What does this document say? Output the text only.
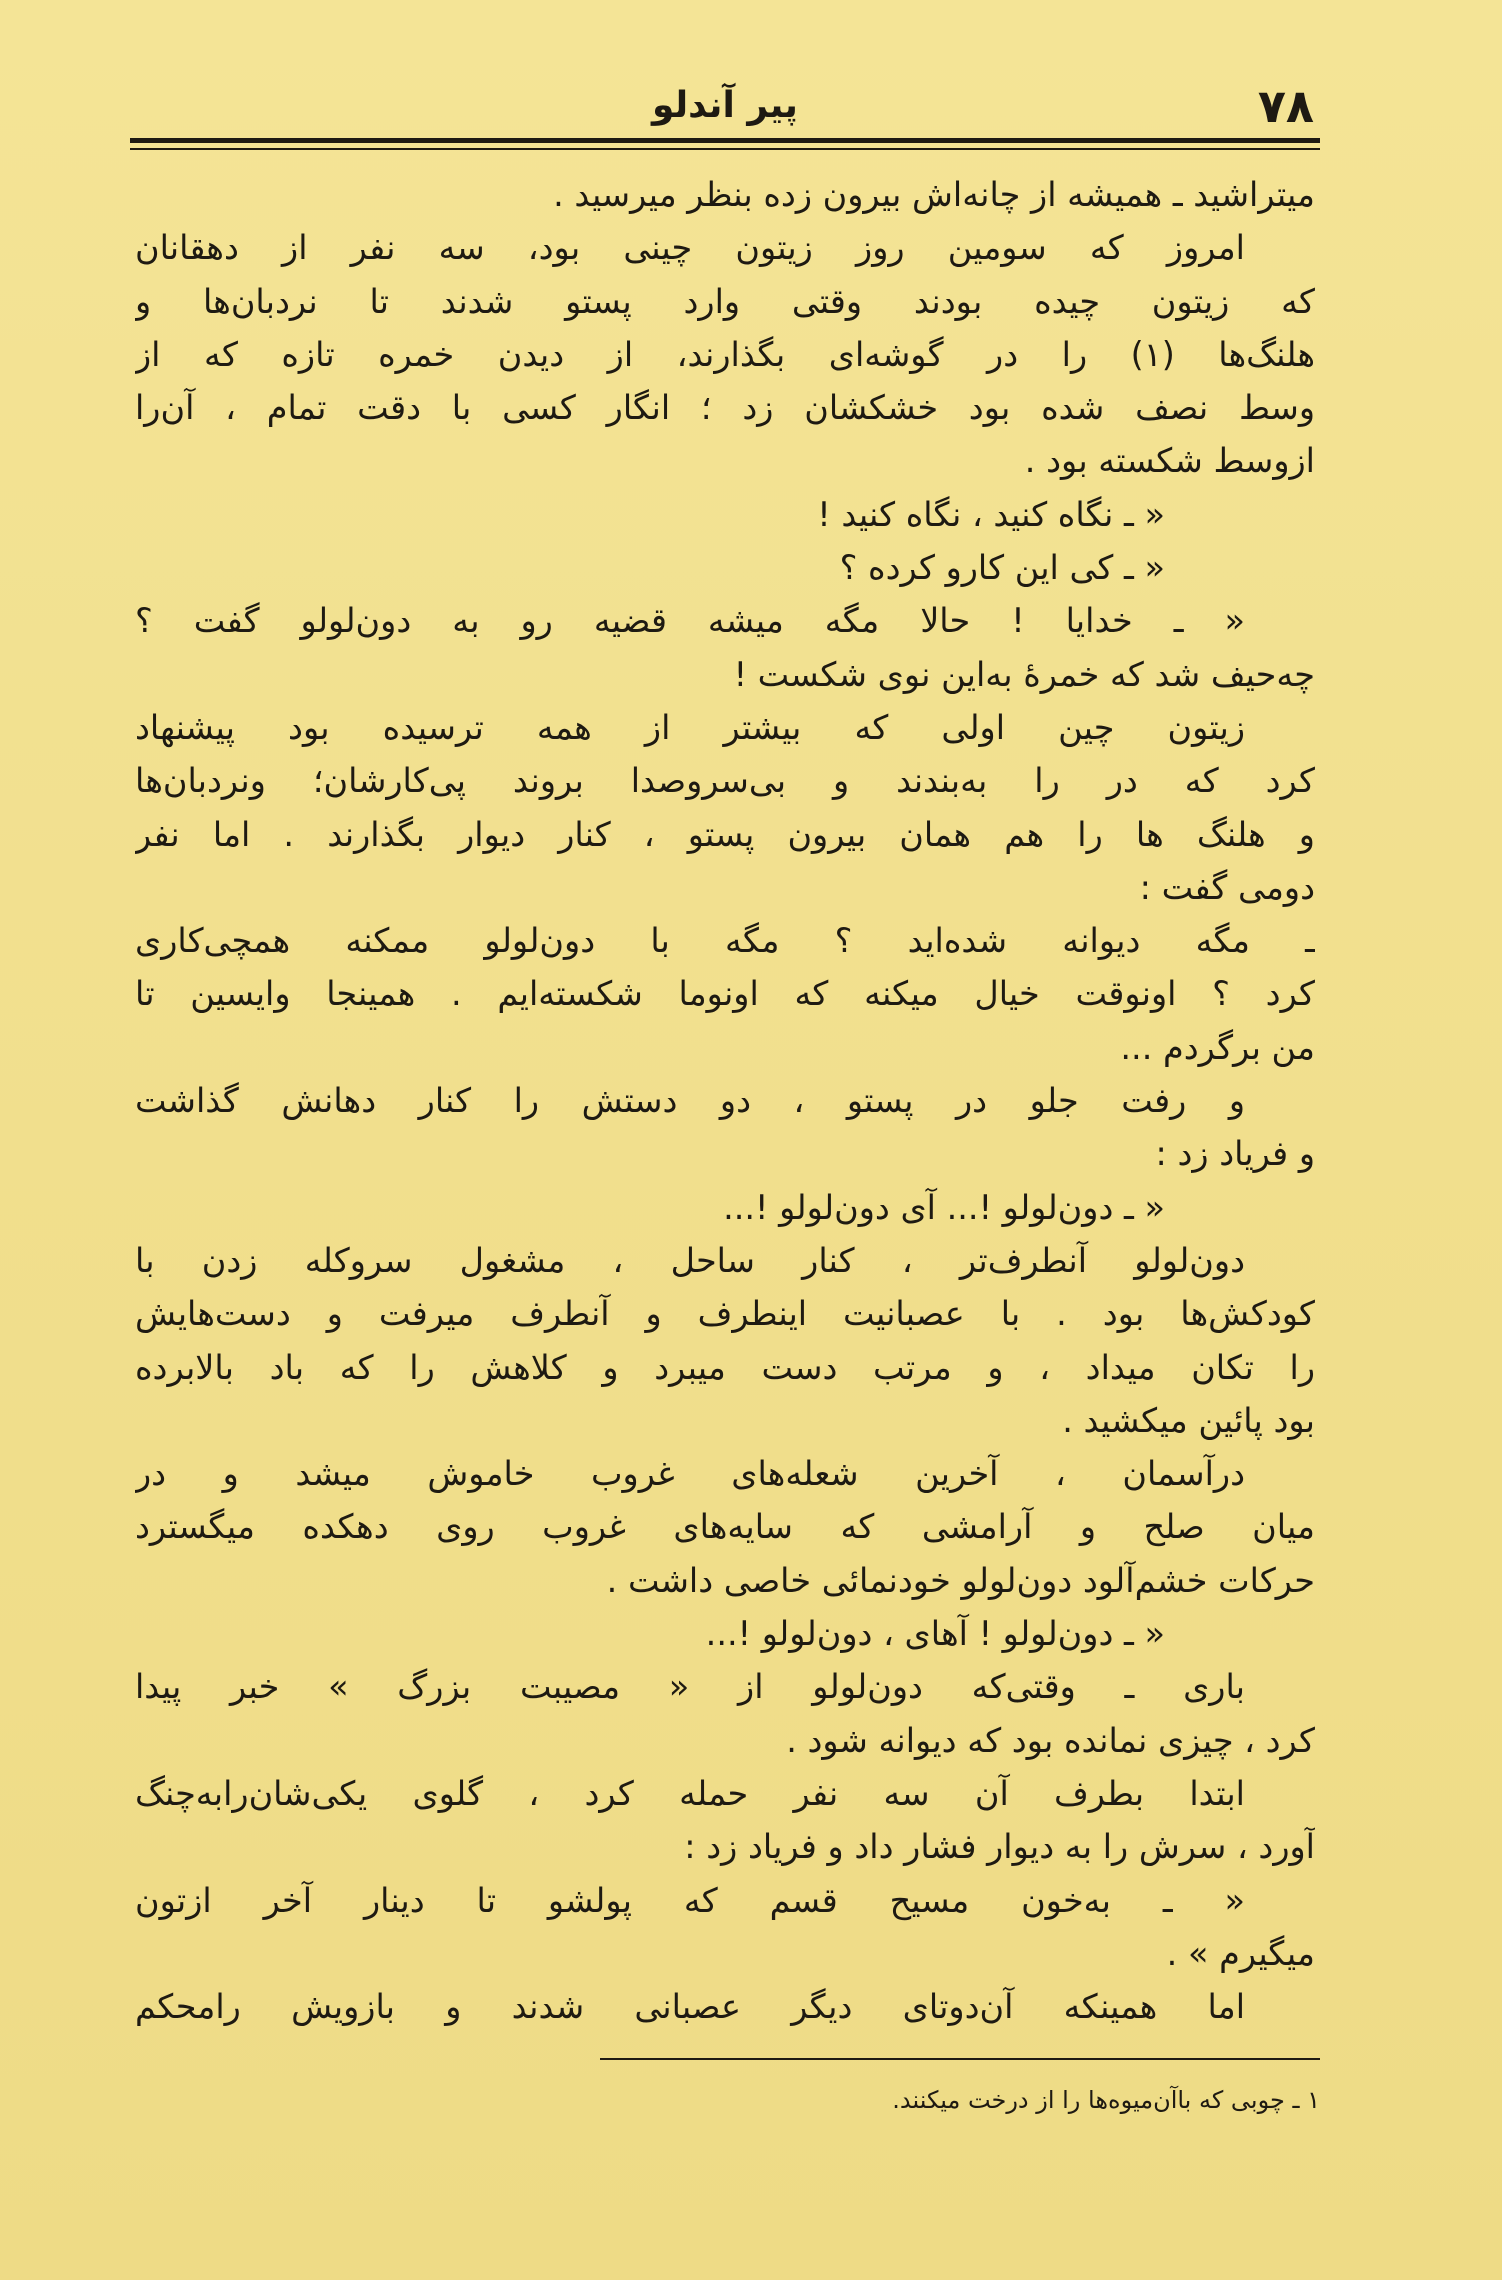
۷۸
پیر آندلو
میتراشید ـ همیشه از چانه‌اش بیرون زده بنظر میرسید .
امروز که سومین روز زیتون چینی بود، سه نفر از دهقانان
که زیتون چیده بودند وقتی وارد پستو شدند تا نردبان‌ها و
هلنگ‌ها (۱) را در گوشه‌ای بگذارند، از دیدن خمره تازه که از
وسط نصف شده بود خشکشان زد ؛ انگار کسی با دقت تمام ، آن‌را
ازوسط شکسته بود .
« ـ نگاه کنید ، نگاه کنید !
« ـ کی این کارو کرده ؟
« ـ خدایا ! حالا مگه میشه قضیه رو به دون‌لولو گفت ؟
چه‌حیف شد که خمرهٔ به‌این نوی شکست !
زیتون چین اولی که بیشتر از همه ترسیده بود پیشنهاد
کرد که در را به‌بندند و بی‌سروصدا بروند پی‌کارشان؛ ونردبان‌ها
و هلنگ ها را هم همان بیرون پستو ، کنار دیوار بگذارند . اما نفر
دومی گفت :
ـ مگه دیوانه شده‌اید ؟ مگه با دون‌لولو ممکنه همچی‌کاری
کرد ؟ اونوقت خیال میکنه که اونوما شکسته‌ایم . همینجا وایسین تا
من برگردم ...
و رفت جلو در پستو ، دو دستش را کنار دهانش گذاشت
و فریاد زد :
« ـ دون‌لولو !... آی دون‌لولو !...
دون‌لولو آنطرف‌تر ، کنار ساحل ، مشغول سروکله زدن با
کودکش‌ها بود . با عصبانیت اینطرف و آنطرف میرفت و دست‌هایش
را تکان میداد ، و مرتب دست میبرد و کلاهش را که باد بالابرده
بود پائین میکشید .
درآسمان ، آخرین شعله‌های غروب خاموش میشد و در
میان صلح و آرامشی که سایه‌های غروب روی دهکده میگسترد
حرکات خشم‌آلود دون‌لولو خودنمائی خاصی داشت .
« ـ دون‌لولو ! آهای ، دون‌لولو !...
باری ـ وقتی‌که دون‌لولو از « مصیبت بزرگ » خبر پیدا
کرد ، چیزی نمانده بود که دیوانه شود .
ابتدا بطرف آن سه نفر حمله کرد ، گلوی یکی‌شان‌رابه‌چنگ
آورد ، سرش را به دیوار فشار داد و فریاد زد :
« ـ به‌خون مسیح قسم که پولشو تا دینار آخر ازتون
میگیرم » .
اما همینکه آن‌دوتای دیگر عصبانی شدند و بازویش رامحکم
۱ ـ چوبی که باآن‌میوه‌ها را از درخت میکنند.
